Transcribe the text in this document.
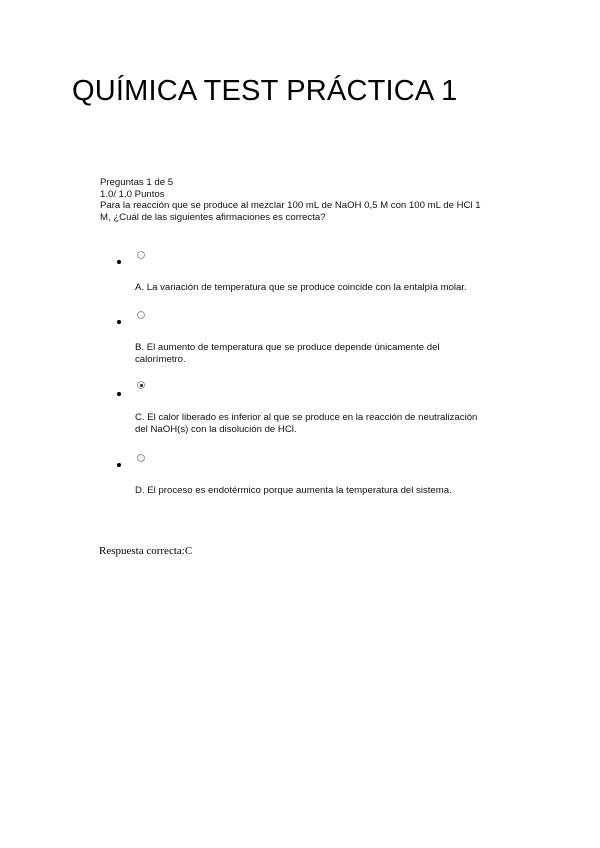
QUÍMICA TEST PRÁCTICA 1
Preguntas 1 de 5
1.0/ 1.0 Puntos
Para la reacción que se produce al mezclar 100 mL de NaOH 0,5 M con 100 mL de HCl 1
M, ¿Cuál de las siguientes afirmaciones es correcta?
A. La variación de temperatura que se produce coincide con la entalpía molar.
B. El aumento de temperatura que se produce depende únicamente del
calorímetro.
C. El calor liberado es inferior al que se produce en la reacción de neutralización
del NaOH(s) con la disolución de HCl.
D. El proceso es endotérmico porque aumenta la temperatura del sistema.
Respuesta correcta:C
